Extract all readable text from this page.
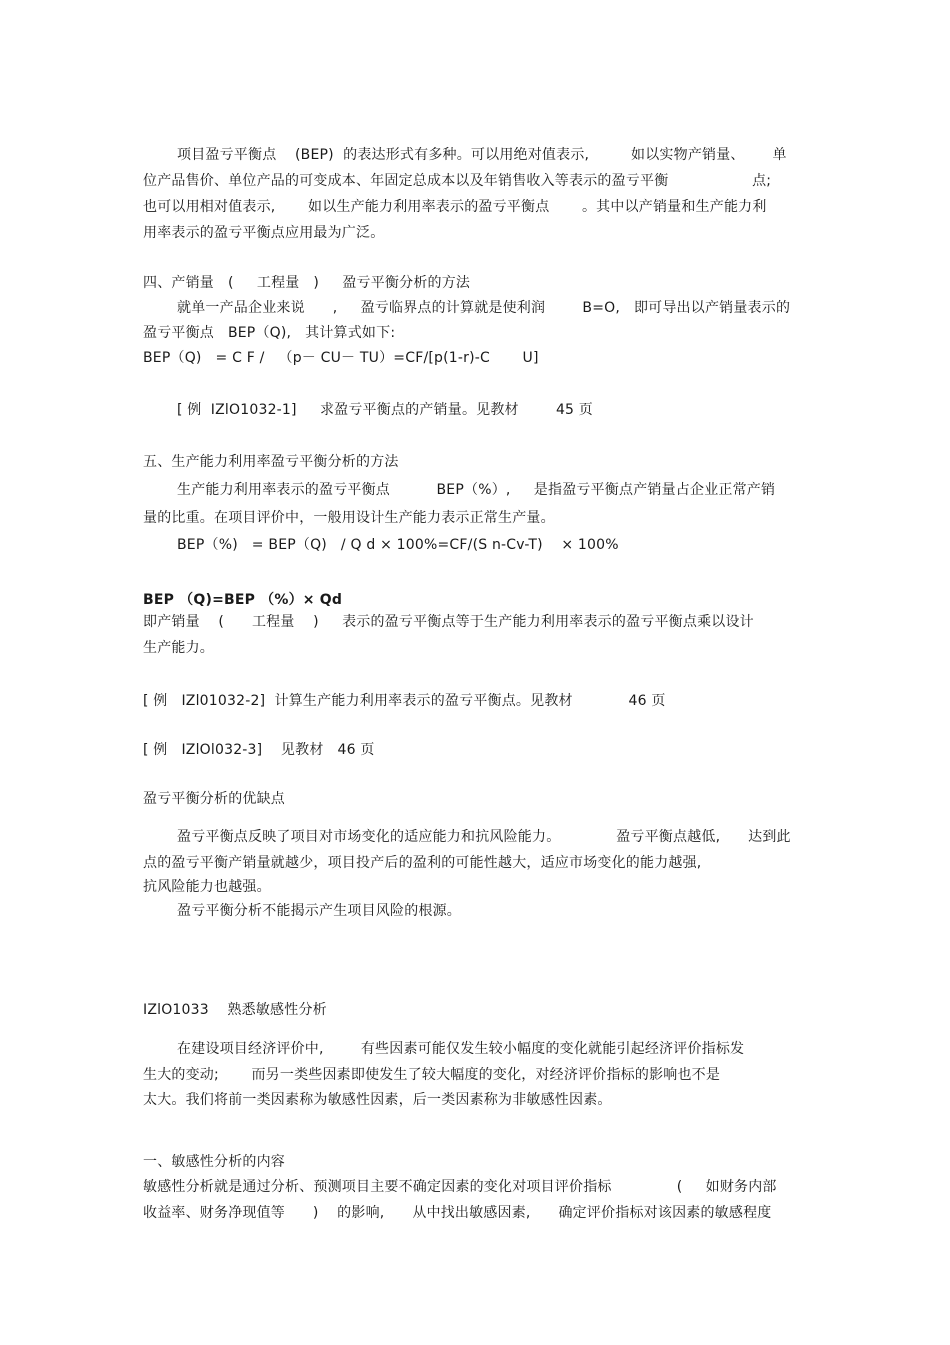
项目盈亏平衡点    (BEP)  的表达形式有多种。可以用绝对值表示,         如以实物产销量、      单
位产品售价、单位产品的可变成本、年固定总成本以及年销售收入等表示的盈亏平衡                  点;
也可以用相对值表示,       如以生产能力利用率表示的盈亏平衡点       。其中以产销量和生产能力利
用率表示的盈亏平衡点应用最为广泛。
四、产销量   (     工程量   )     盈亏平衡分析的方法
就单一产品企业来说      ,     盈亏临界点的计算就是使利润        B=O,   即可导出以产销量表示的
盈亏平衡点   BEP（Q),   其计算式如下:
BEP（Q)   = C F /   （p－ CU－ TU）=CF/[p(1-r)-C       U]
[ 例  IZlO1032-1]     求盈亏平衡点的产销量。见教材        45 页
五、生产能力利用率盈亏平衡分析的方法
生产能力利用率表示的盈亏平衡点          BEP（%）,     是指盈亏平衡点产销量占企业正常产销
量的比重。在项目评价中，一般用设计生产能力表示正常生产量。
BEP（%)   = BEP（Q)   / Q d × 100%=CF/(S n-Cv-T)    × 100%
BEP （Q)=BEP （%）× Qd
即产销量    (      工程量    )     表示的盈亏平衡点等于生产能力利用率表示的盈亏平衡点乘以设计
生产能力。
[ 例   IZl01032-2]  计算生产能力利用率表示的盈亏平衡点。见教材            46 页
[ 例   IZlOl032-3]    见教材   46 页
盈亏平衡分析的优缺点
盈亏平衡点反映了项目对市场变化的适应能力和抗风险能力。            盈亏平衡点越低,      达到此
点的盈亏平衡产销量就越少，项目投产后的盈利的可能性越大，适应市场变化的能力越强,
抗风险能力也越强。
盈亏平衡分析不能揭示产生项目风险的根源。
IZlO1033    熟悉敏感性分析
在建设项目经济评价中,        有些因素可能仅发生较小幅度的变化就能引起经济评价指标发
生大的变动;       而另一类些因素即使发生了较大幅度的变化，对经济评价指标的影响也不是
太大。我们将前一类因素称为敏感性因素，后一类因素称为非敏感性因素。
一、敏感性分析的内容
敏感性分析就是通过分析、预测项目主要不确定因素的变化对项目评价指标              (     如财务内部
收益率、财务净现值等      )    的影响,      从中找出敏感因素,      确定评价指标对该因素的敏感程度
